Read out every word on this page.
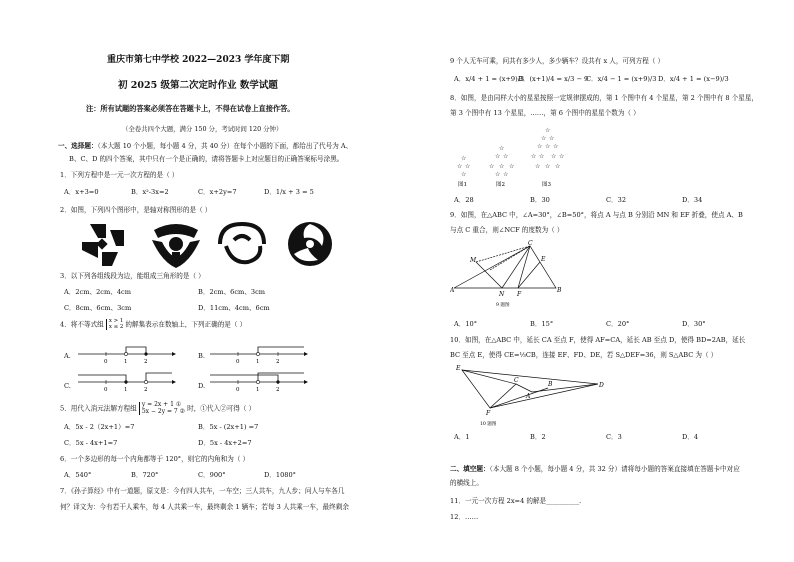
重庆市第七中学校 2022—2023 学年度下期
初 2025 级第二次定时作业 数学试题
注：所有试题的答案必须答在答题卡上，不得在试卷上直接作答。
（全卷共四个大题，满分 150 分，考试时间 120 分钟）
一、选择题：（本大题 10 个小题，每小题 4 分，共 40 分）在每个小题的下面，都给出了代号为 A、
B、C、D 的四个答案，其中只有一个是正确的，请将答题卡上对应题目的正确答案标号涂黑。
1．下列方程中是一元一次方程的是（ ）
A．x+3=0	B．x²-3x=2	C．x+2y=7	D．1/x + 3 = 5
2．如图，下列四个图形中，是轴对称图形的是（ ）
3．以下列各组线段为边，能组成三角形的是（ ）
A．2cm、2cm、4cm	B．2cm、6cm、3cm
C．8cm、6cm、3cm	D．11cm、4cm、6cm
4．将不等式组 x > 1
x ≤ 2 的解集表示在数轴上，下列正确的是（ ）
A.	B.
C.	D.
0	1	2	0	1	2
0	1	2	0	1	2
5．用代入消元法解方程组
y = 2x + 1 ①
5x − 2y = 7 ② 时，①代入②可得（ ）
A．5x - 2（2x+1）=7	B．5x - (2x+1) =7
C．5x - 4x+1=7	D．5x - 4x+2=7
6．一个多边形的每一个内角都等于 120°，则它的内角和为（ ）
A．540°	B．720°	C．900°	D．1080°
7．《孙子算经》中有一道题，原文是：今有四人共车，一车空；三人共车，九人步；问人与车各几
何？译文为：今有若干人乘车，每 4 人共乘一车，最终剩余 1 辆车；若每 3 人共乘一车，最终剩余
9 个人无车可乘，问共有多少人，多少辆车？设共有 x 人，可列方程（ ）
A．x/4 + 1 = (x+9)/3
B．(x+1)/4 = x/3 − 9
C．x/4 − 1 = (x+9)/3 D．x/4 + 1 = (x−9)/3
8．如图，是由同样大小的星星按照一定规律摆成的，第 1 个图中有 4 个星星，第 2 个图中有 8 个星星，
第 3 个图中有 13 个星星，……，第 6 个图中的星星个数为（ ）
☆
☆ ☆
☆
图1
☆
☆ ☆
☆ ☆ ☆
☆ ☆
图2
☆
☆ ☆
☆ ☆ ☆
☆ ☆ ☆ ☆
☆ ☆ ☆
图3
A．28	B．30	C．32	D．34
9．如图，在△ABC 中，∠A=30°，∠B=50°，将点 A 与点 B 分别沿 MN 和 EF 折叠，使点 A、B
与点 C 重合，则∠NCF 的度数为（ ）
A	B
C
M
N
E
F
9 题图
A．10°	B．15°	C．20°	D．30°
10．如图，在△ABC 中，延长 CA 至点 F，使得 AF=CA，延长 AB 至点 D，使得 BD=2AB，延长
BC 至点 E，使得 CE=⅓CB，连接 EF、FD、DE，若 S△DEF=36，则 S△ABC 为（ ）
E
C
B
A
D
F
10 题图
A．1	B．2	C．3	D．4
二、填空题：（本大题 8 个小题，每小题 4 分，共 32 分）请将每小题的答案直接填在答题卡中对应
的横线上。
11．一元一次方程 2x=4 的解是__________.
12．……
